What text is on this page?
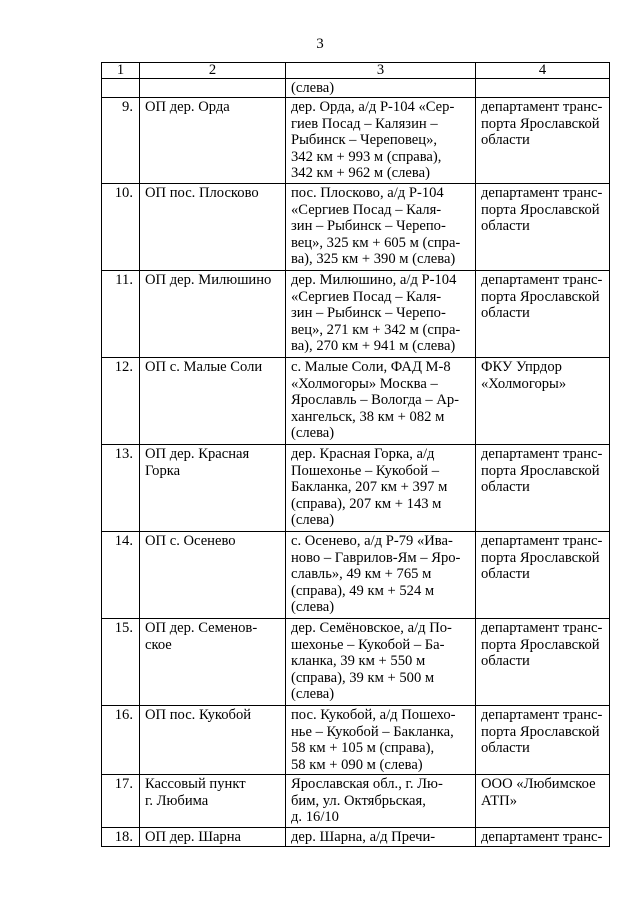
3
1	2	3	4
		(слева)	
9.	ОП дер. Орда	дер. Орда, а/д Р-104 «Сер-
гиев Посад – Калязин –
Рыбинск – Череповец»,
342 км + 993 м (справа),
342 км + 962 м (слева)	департамент транс-
порта Ярославской
области
10.	ОП пос. Плосково	пос. Плосково, а/д Р-104
«Сергиев Посад – Каля-
зин – Рыбинск – Черепо-
вец», 325 км + 605 м (спра-
ва), 325 км + 390 м (слева)	департамент транс-
порта Ярославской
области
11.	ОП дер. Милюшино	дер. Милюшино, а/д Р-104
«Сергиев Посад – Каля-
зин – Рыбинск – Черепо-
вец», 271 км + 342 м (спра-
ва), 270 км + 941 м (слева)	департамент транс-
порта Ярославской
области
12.	ОП с. Малые Соли	с. Малые Соли, ФАД М-8
«Холмогоры» Москва –
Ярославль – Вологда – Ар-
хангельск, 38 км + 082 м
(слева)	ФКУ Упрдор
«Холмогоры»
13.	ОП дер. Красная
Горка	дер. Красная Горка, а/д
Пошехонье – Кукобой –
Бакланка, 207 км + 397 м
(справа), 207 км + 143 м
(слева)	департамент транс-
порта Ярославской
области
14.	ОП с. Осенево	с. Осенево, а/д Р-79 «Ива-
ново – Гаврилов-Ям – Яро-
славль», 49 км + 765 м
(справа), 49 км + 524 м
(слева)	департамент транс-
порта Ярославской
области
15.	ОП дер. Семенов-
ское	дер. Семёновское, а/д По-
шехонье – Кукобой – Ба-
кланка, 39 км + 550 м
(справа), 39 км + 500 м
(слева)	департамент транс-
порта Ярославской
области
16.	ОП пос. Кукобой	пос. Кукобой, а/д Пошехо-
нье – Кукобой – Бакланка,
58 км + 105 м (справа),
58 км + 090 м (слева)	департамент транс-
порта Ярославской
области
17.	Кассовый пункт
г. Любима	Ярославская обл., г. Лю-
бим, ул. Октябрьская,
д. 16/10	ООО «Любимское
АТП»
18.	ОП дер. Шарна	дер. Шарна, а/д Пречи-	департамент транс-
